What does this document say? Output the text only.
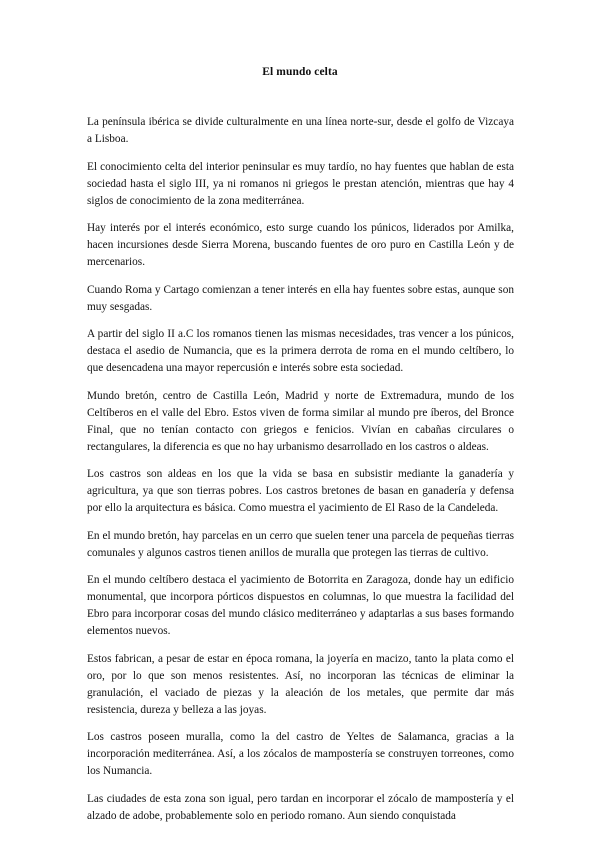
El mundo celta

La península ibérica se divide culturalmente en una línea norte-sur, desde el golfo de Vizcaya a Lisboa.

El conocimiento celta del interior peninsular es muy tardío, no hay fuentes que hablan de esta sociedad hasta el siglo III, ya ni romanos ni griegos le prestan atención, mientras que hay 4 siglos de conocimiento de la zona mediterránea.

Hay interés por el interés económico, esto surge cuando los púnicos, liderados por Amilka, hacen incursiones desde Sierra Morena, buscando fuentes de oro puro en Castilla León y de mercenarios.

Cuando Roma y Cartago comienzan a tener interés en ella hay fuentes sobre estas, aunque son muy sesgadas.

A partir del siglo II a.C los romanos tienen las mismas necesidades, tras vencer a los púnicos, destaca el asedio de Numancia, que es la primera derrota de roma en el mundo celtíbero, lo que desencadena una mayor repercusión e interés sobre esta sociedad.

Mundo bretón, centro de Castilla León, Madrid y norte de Extremadura, mundo de los Celtíberos en el valle del Ebro. Estos viven de forma similar al mundo pre íberos, del Bronce Final, que no tenían contacto con griegos e fenicios. Vivían en cabañas circulares o rectangulares, la diferencia es que no hay urbanismo desarrollado en los castros o aldeas.

Los castros son aldeas en los que la vida se basa en subsistir mediante la ganadería y agricultura, ya que son tierras pobres. Los castros bretones de basan en ganadería y defensa por ello la arquitectura es básica. Como muestra el yacimiento de El Raso de la Candeleda.

En el mundo bretón, hay parcelas en un cerro que suelen tener una parcela de pequeñas tierras comunales y algunos castros tienen anillos de muralla que protegen las tierras de cultivo.

En el mundo celtíbero destaca el yacimiento de Botorrita en Zaragoza, donde hay un edificio monumental, que incorpora pórticos dispuestos en columnas, lo que muestra la facilidad del Ebro para incorporar cosas del mundo clásico mediterráneo y adaptarlas a sus bases formando elementos nuevos.

Estos fabrican, a pesar de estar en época romana, la joyería en macizo, tanto la plata como el oro, por lo que son menos resistentes. Así, no incorporan las técnicas de eliminar la granulación, el vaciado de piezas y la aleación de los metales, que permite dar más resistencia, dureza y belleza a las joyas.

Los castros poseen muralla, como la del castro de Yeltes de Salamanca, gracias a la incorporación mediterránea. Así, a los zócalos de mampostería se construyen torreones, como los Numancia.

Las ciudades de esta zona son igual, pero tardan en incorporar el zócalo de mampostería y el alzado de adobe, probablemente solo en periodo romano. Aun siendo conquistada
